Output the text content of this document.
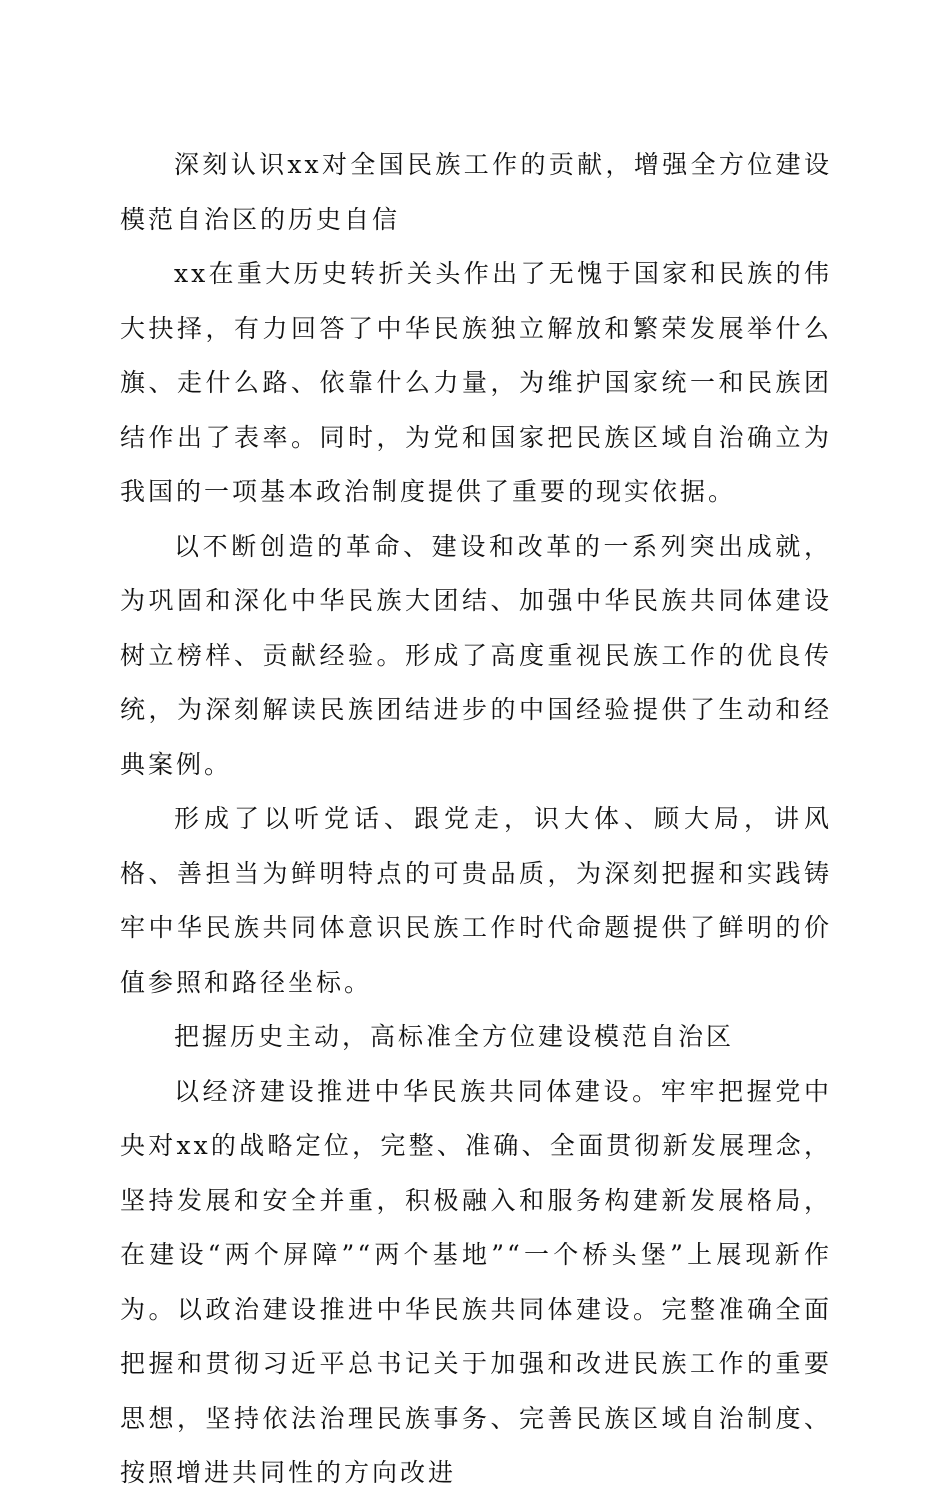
深刻认识xx对全国民族工作的贡献，增强全方位建设模范自治区的历史自信

xx在重大历史转折关头作出了无愧于国家和民族的伟大抉择，有力回答了中华民族独立解放和繁荣发展举什么旗、走什么路、依靠什么力量，为维护国家统一和民族团结作出了表率。同时，为党和国家把民族区域自治确立为我国的一项基本政治制度提供了重要的现实依据。

以不断创造的革命、建设和改革的一系列突出成就，为巩固和深化中华民族大团结、加强中华民族共同体建设树立榜样、贡献经验。形成了高度重视民族工作的优良传统，为深刻解读民族团结进步的中国经验提供了生动和经典案例。

形成了以听党话、跟党走，识大体、顾大局，讲风格、善担当为鲜明特点的可贵品质，为深刻把握和实践铸牢中华民族共同体意识民族工作时代命题提供了鲜明的价值参照和路径坐标。

把握历史主动，高标准全方位建设模范自治区

以经济建设推进中华民族共同体建设。牢牢把握党中央对xx的战略定位，完整、准确、全面贯彻新发展理念，坚持发展和安全并重，积极融入和服务构建新发展格局，在建设“两个屏障”“两个基地”“一个桥头堡”上展现新作为。以政治建设推进中华民族共同体建设。完整准确全面把握和贯彻习近平总书记关于加强和改进民族工作的重要思想，坚持依法治理民族事务、完善民族区域自治制度、按照增进共同性的方向改进
